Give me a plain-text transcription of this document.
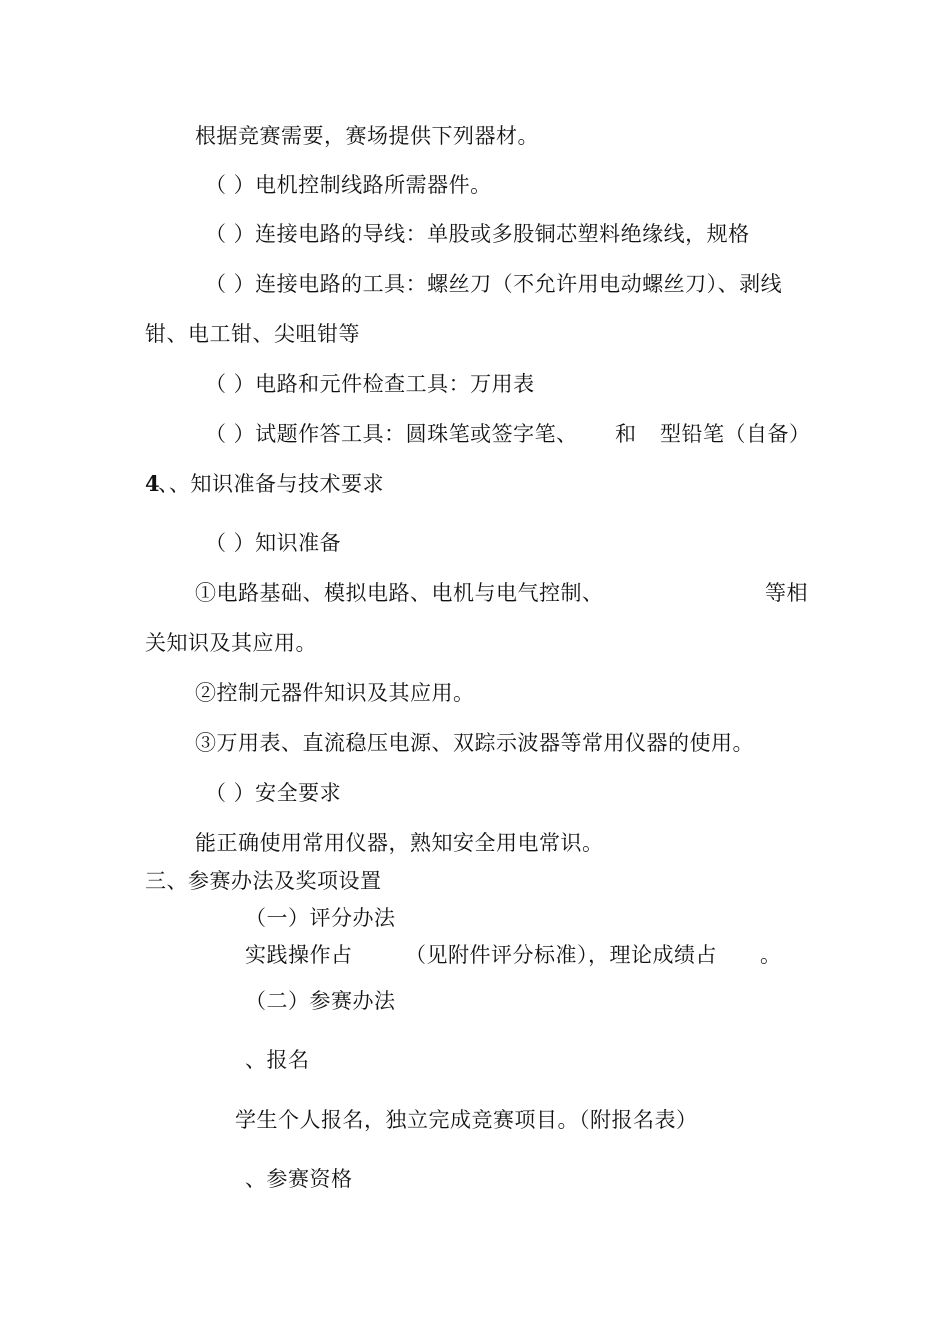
根据竞赛需要，赛场提供下列器材。
（ ）电机控制线路所需器件。
（ ）连接电路的导线：单股或多股铜芯塑料绝缘线，规格
（ ）连接电路的工具：螺丝刀（不允许用电动螺丝刀）、剥线
钳、电工钳、尖咀钳等
（ ）电路和元件检查工具：万用表
（ ）试题作答工具：圆珠笔或签字笔、 和 型铅笔（自备）
4
、、知识准备与技术要求
（ ）知识准备
①电路基础、模拟电路、电机与电气控制、	等相
关知识及其应用。
②控制元器件知识及其应用。
③万用表、直流稳压电源、双踪示波器等常用仪器的使用。
（ ）安全要求
能正确使用常用仪器，熟知安全用电常识。
三、参赛办法及奖项设置
（一）评分办法
实践操作占	（见附件评分标准），理论成绩占 。
（二）参赛办法
、报名
学生个人报名，独立完成竞赛项目。（附报名表）
、参赛资格
